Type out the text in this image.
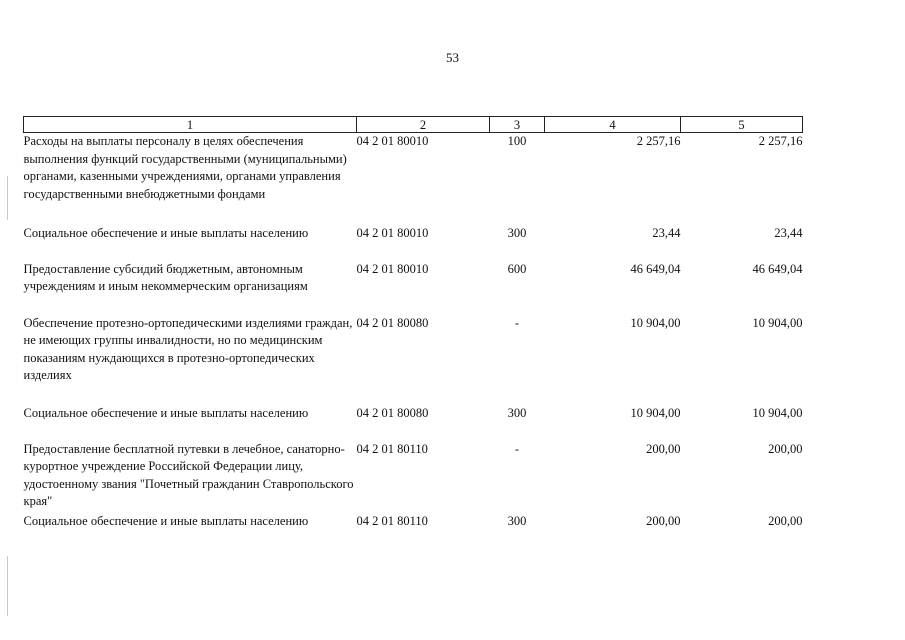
53
1	2	3	4	5
Расходы на выплаты персоналу в целях обеспечения выполнения функций государственными (муниципальными) органами, казенными учреждениями, органами управления государственными внебюджетными фондами	04 2 01 80010	100	2 257,16	2 257,16
Социальное обеспечение и иные выплаты населению	04 2 01 80010	300	23,44	23,44
Предоставление субсидий бюджетным, автономным учреждениям и иным некоммерческим организациям	04 2 01 80010	600	46 649,04	46 649,04
Обеспечение протезно-ортопедическими изделиями граждан, не имеющих группы инвалидности, но по медицинским показаниям нуждающихся в протезно-ортопедических изделиях	04 2 01 80080	-	10 904,00	10 904,00
Социальное обеспечение и иные выплаты населению	04 2 01 80080	300	10 904,00	10 904,00
Предоставление бесплатной путевки в лечебное, санаторно-курортное учреждение Российской Федерации лицу, удостоенному звания "Почетный гражданин Ставропольского края"	04 2 01 80110	-	200,00	200,00
Социальное обеспечение и иные выплаты населению	04 2 01 80110	300	200,00	200,00
